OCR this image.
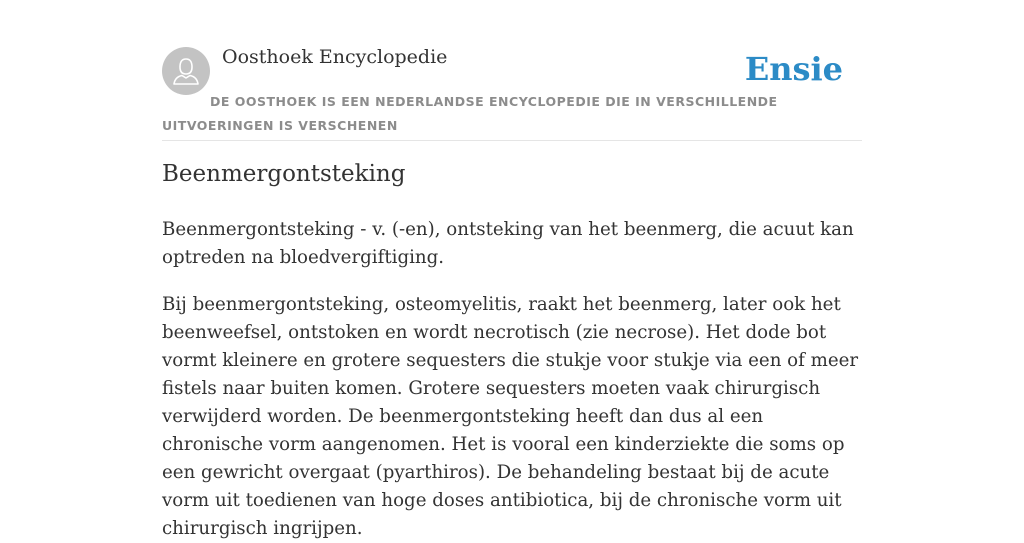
Oosthoek Encyclopedie	Ensie
DE OOSTHOEK IS EEN NEDERLANDSE ENCYCLOPEDIE DIE IN VERSCHILLENDE UITVOERINGEN IS VERSCHENEN
Beenmergontsteking

Beenmergontsteking - v. (-en), ontsteking van het beenmerg, die acuut kan optreden na bloedvergiftiging.

Bij beenmergontsteking, osteomyelitis, raakt het beenmerg, later ook het beenweefsel, ontstoken en wordt necrotisch (zie necrose). Het dode bot vormt kleinere en grotere sequesters die stukje voor stukje via een of meer fistels naar buiten komen. Grotere sequesters moeten vaak chirurgisch verwijderd worden. De beenmergontsteking heeft dan dus al een chronische vorm aangenomen. Het is vooral een kinderziekte die soms op een gewricht overgaat (pyarthiros). De behandeling bestaat bij de acute vorm uit toedienen van hoge doses antibiotica, bij de chronische vorm uit chirurgisch ingrijpen.
